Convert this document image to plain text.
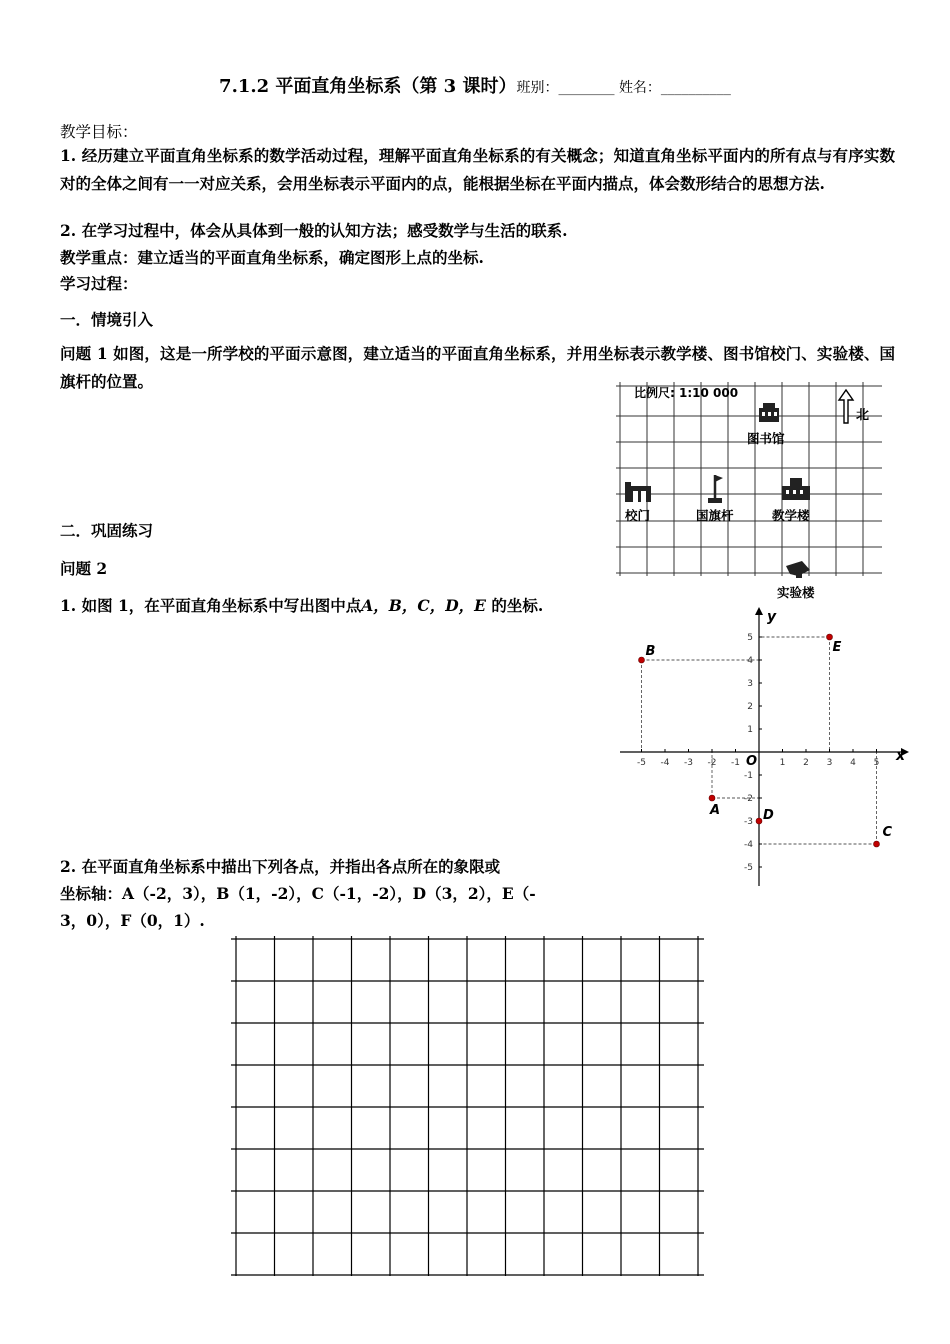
7.1.2 平面直角坐标系（第 3 课时）班别：________ 姓名：__________
教学目标：
1. 经历建立平面直角坐标系的数学活动过程，理解平面直角坐标系的有关概念；知道直角坐标平面内的所有点与有序实数对的全体之间有一一对应关系，会用坐标表示平面内的点，能根据坐标在平面内描点，体会数形结合的思想方法.
2. 在学习过程中，体会从具体到一般的认知方法；感受数学与生活的联系.
教学重点：建立适当的平面直角坐标系，确定图形上点的坐标.
学习过程：
一．情境引入
问题 1 如图，这是一所学校的平面示意图，建立适当的平面直角坐标系，并用坐标表示教学楼、图书馆校门、实验楼、国旗杆的位置。
比例尺: 1:10 000
北
图书馆
校门	国旗杆	教学楼
实验楼
二．巩固练习
问题 2
1. 如图 1，在平面直角坐标系中写出图中点A，B，C，D，E 的坐标.
-5 -4 -3 -2 -1	1 2 3 4 5
5
4
3
2
1
-1
-2
-3
-4
-5
x
y
O
A
B
C
D
E
2. 在平面直角坐标系中描出下列各点，并指出各点所在的象限或
坐标轴：A（-2，3），B（1，-2），C（-1，-2），D（3，2），E（-
3，0），F（0，1）.
